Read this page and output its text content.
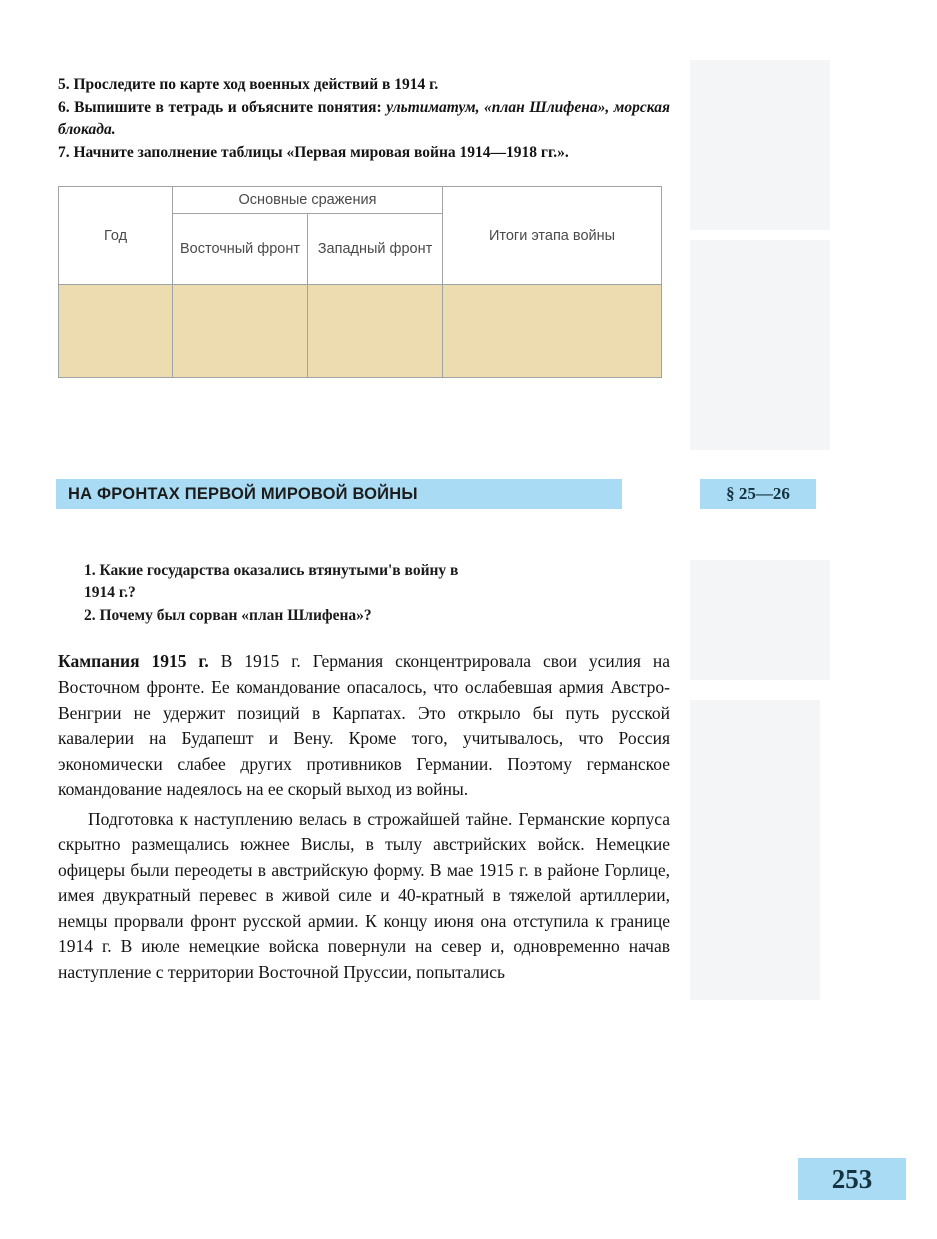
5. Проследите по карте ход военных действий в 1914 г.

6. Выпишите в тетрадь и объясните понятия: ультиматум, «план Шлифена», морская блокада.

7. Начните заполнение таблицы «Первая мировая война 1914—1918 гг.».

Год	Основные сражения		Итоги этапа войны
	Восточный фронт	Западный фронт	

НА ФРОНТАХ ПЕРВОЙ МИРОВОЙ ВОЙНЫ	§ 25—26

1. Какие государства оказались втянутыми'в войну в

1914 г.?

2. Почему был сорван «план Шлифена»?

Кампания 1915 г. В 1915 г. Германия сконцентрировала свои усилия на Восточном фронте. Ее командование опасалось, что ослабевшая армия Австро-Венгрии не удержит позиций в Карпатах. Это открыло бы путь русской кавалерии на Будапешт и Вену. Кроме того, учитывалось, что Россия экономически слабее других противников Германии. Поэтому германское командование надеялось на ее скорый выход из войны.

Подготовка к наступлению велась в строжайшей тайне. Германские корпуса скрытно размещались южнее Вислы, в тылу австрийских войск. Немецкие офицеры были переодеты в австрийскую форму. В мае 1915 г. в районе Горлице, имея двукратный перевес в живой силе и 40-кратный в тяжелой артиллерии, немцы прорвали фронт русской армии. К концу июня она отступила к границе 1914 г. В июле немецкие войска повернули на север и, одновременно начав наступление с территории Восточной Пруссии, попытались

253
